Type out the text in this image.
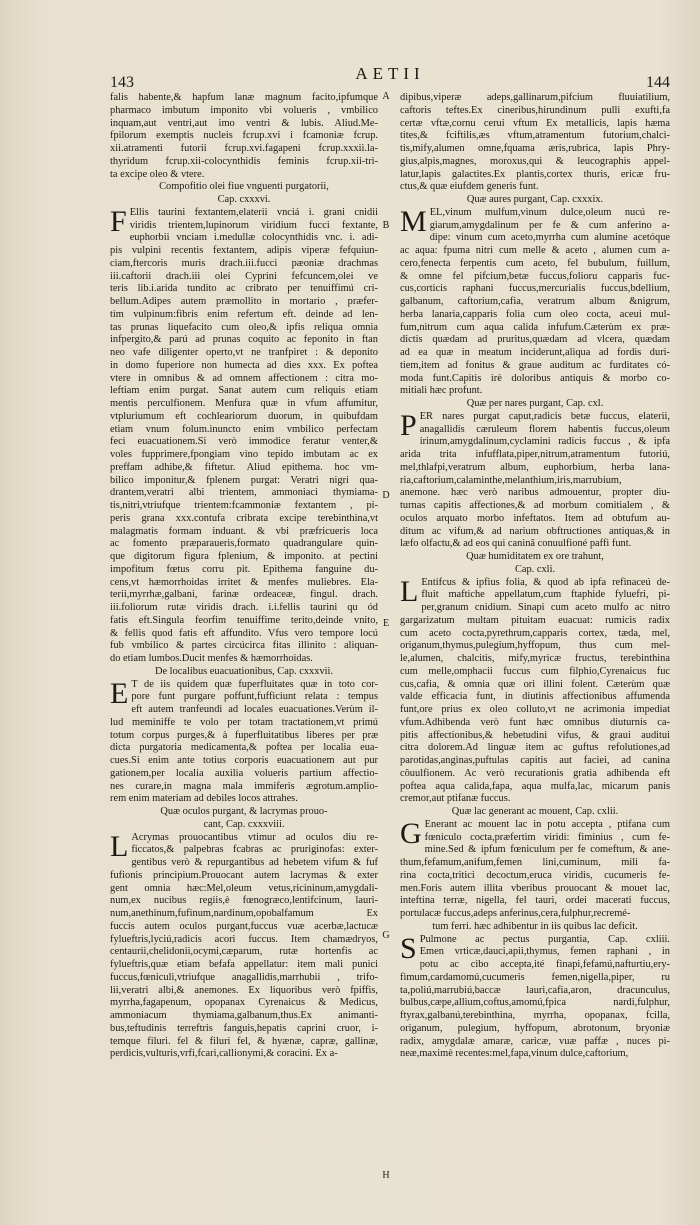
143	AETII	144
A
B
D
E
G
H
falis habente,& hapfum lanæ magnum facito,ipfumque
pharmaco imbutum imponito vbi volueris , vmbilico
inquam,aut ventri,aut imo ventri & lubis. Aliud.Me-
fpilorum exemptis nucleis fcrup.xvi i fcamoniæ fcrup.
xii.atramenti futorii fcrup.xvi.fagapeni fcrup.xxxii.la-
thyridum fcrup.xii-colocynthidis feminis fcrup.xii-tri-
ta excipe oleo & vtere.
Compofitio olei fiue vnguenti purgatorii,
Cap. cxxxvi.
F Ellis taurini fextantem,elaterii vnciá i. grani cnidii
viridis trientem,lupinorum viridium fucci fextante,
euphorbii vnciam i.medullæ colocynthidis vnc. i. adi-
pis vulpini recentis fextantem, adipis viperæ fefquiun-
ciam,ftercoris muris drach.iii.fucci pæoniæ drachmas
iii.caftorii drach.iii olei Cyprini fefcuncem,olei ve
teris lib.i.arida tundito ac cribrato per tenuiffimú cri-
bellum.Adipes autem præmollito in mortario , præfer-
tim vulpinum:fibris enim refertum eft. deinde ad len-
tas prunas liquefacito cum oleo,& ipfis reliqua omnia
infpergito,& parú ad prunas coquito ac feponito in ftan
neo vafe diligenter operto,vt ne tranfpiret : & deponito
in domo fuperiore non humecta ad dies xxx. Ex poftea
vtere in omnibus & ad omnem affectionem : citra mo-
leftiam enim purgat. Sanat autem cum reliquis etiam
mentis perculfionem. Menfura quæ in vfum affumitur,
vtpluriumum eft cochleariorum duorum, in quibufdam
etiam vnum folum.inuncto enim vmbilico perfectam
feci euacuationem.Si verò immodice feratur venter,&
voles fupprimere,fpongiam vino tepido imbutam ac ex
preffam adhibe,& fiftetur. Aliud epithema. hoc vm-
bilico imponitur,& fplenem purgat: Veratri nigri qua-
drantem,veratri albi trientem, ammoniaci thymiama-
tis,nitri,vtriufque trientem:fcammoniæ fextantem , pi-
peris grana xxx.contufa cribrata excipe terebinthina,vt
malagmatis formam induant. & vbi præfricueris loca
ac fomento præparaueris,formato quadrangulare quin-
que digitorum figura fplenium, & imponito. at pectini
impofitum fœtus corru pit. Epithema fanguine du-
cens,vt hæmorrhoidas irritet & menfes muliebres. Ela-
terii,myrrhæ,galbani, farinæ ordeaceæ, fingul. drach.
iii.foliorum rutæ viridis drach. i.i.fellis taurini qu ód
fatis eft.Singula feorfim tenuiffime terito,deinde vnito,
& fellis quod fatis eft affundito. Vfus vero tempore locú
fub vmbilico & partes circúcirca fitas illinito : aliquan-
do etiam lumbos.Ducit menfes & hæmorrhoidas.
De localibus euacuationibus, Cap. cxxxvii.
E T de iis quidem quæ fuperfluitates quæ in toto cor-
pore funt purgare poffunt,fufficiunt relata : tempus
eft autem tranfeundi ad locales euacuationes.Verùm il-
lud meminiffe te volo per totam tractationem,vt primú
totum corpus purges,& à fuperfluitatibus liberes per præ
dicta purgatoria medicamenta,& poftea per localia eua-
cues.Si enim ante totius corporis euacuationem aut pur
gationem,per localia auxilia volueris partium affectio-
nes curare,in magna mala immiferis ægrotum.amplio-
rem enim materiam ad debiles locos attrahes.
Quæ oculos purgant, & lacrymas prouo-
cant, Cap. cxxxviii.
L Acrymas prouocantibus vtimur ad oculos diu re-
ficcatos,& palpebras fcabras ac pruriginofas: exter-
gentibus verò & repurgantibus ad hebetem vifum & fuf
fufionis principium.Prouocant autem lacrymas & exter
gent omnia hæc:Mel,oleum vetus,ricininum,amygdali-
num,ex nucibus regiis,è fœnogræco,lentifcinum, lauri-
num,anethinum,fufinum,nardinum,opobalfamum Ex
fuccis autem oculos purgant,fuccus vuæ acerbæ,lactucæ
fylueftris,lyciú,radicis acori fuccus. Item chamædryos,
centaurii,chelidonii,ocymi,cæparum, rutæ hortenfis ac
fylueftris,quæ etiam befafa appellatur: item mali punici
fuccus,fœniculi,vtriufque anagallidis,marrhubii , trifo-
lii,veratri albi,& anemones. Ex liquoribus verò fpiffis,
myrrha,fagapenum, opopanax Cyrenaicus & Medicus,
ammoniacum thymiama,galbanum,thus.Ex animanti-
bus,teftudinis terreftris fanguis,hepatis caprini cruor, i-
temque filuri. fel & filuri fel, & hyænæ, capræ, gallinæ,
perdicis,vulturis,vrfi,fcari,callionymi,& coracini. Ex a-
dipibus,viperæ adeps,gallinarum,pifcium fluuiatilium,
caftoris teftes.Ex cineribus,hirundinum pulli exufti,fa
certæ vftæ,cornu cerui vftum Ex metallicis, lapis hæma
tites,& fciftilis,æs vftum,atramentum futorium,chalci-
tis,mify,alumen omne,fquama æris,rubrica, lapis Phry-
gius,alpis,magnes, moroxus,qui & leucographis appel-
latur,lapis galactites.Ex plantis,cortex thuris, ericæ fru-
ctus,& quæ eiufdem generis funt.
Quæ aures purgant, Cap. cxxxix.
M EL,vinum mulfum,vinum dulce,oleum nucú re-
giarum,amygdalinum per fe & cum anferino a-
dipe: vinum cum aceto,myrrha cum alumine acetóque
ac aqua: fpuma nitri cum melle & aceto , alumen cum a-
cero,fenecta ferpentis cum aceto, fel bubulum, fuillum,
& omne fel pifcium,betæ fuccus,folioru capparis fuc-
cus,corticis raphani fuccus,mercurialis fuccus,bdellium,
galbanum, caftorium,cafia, veratrum album &nigrum,
herba lanaria,capparis folia cum oleo cocta, aceui mul-
fum,nitrum cum aqua calida infufum.Cæterùm ex præ-
dictis quædam ad pruritus,quædam ad vlcera, quædam
ad ea quæ in meatum inciderunt,aliqua ad fordis duri-
tiem,item ad fonitus & graue auditum ac furditates có-
moda funt.Capitis irè doloribus antiquis & morbo co-
mitiali hæc profunt.
Quæ per nares purgant, Cap. cxl.
P ER nares purgat caput,radicis betæ fuccus, elaterii,
anagallidis cæruleum florem habentis fuccus,oleum
irinum,amygdalinum,cyclamini radicis fuccus , & ipfa
arida trita infufflata,piper,nitrum,atramentum futoriú,
mel,thlafpi,veratrum album, euphorbium, herba lana-
ria,caftorium,calaminthe,melanthium,iris,marrubium,
anemone. hæc verò naribus admouentur, propter diu-
turnas capitis affectiones,& ad morbum comitialem , &
oculos arquato morbo infeftatos. Item ad obtufum au-
ditum ac vifum,& ad narium obftructiones antiquas,& in
læfo olfactu,& ad eos qui caninâ conuulfioné paffi funt.
Quæ humiditatem ex ore trahunt,
Cap. cxli.
L Entifcus & ipfius folia, & quod ab ipfa refinaceú de-
fluit maftiche appellatum,cum ftaphide fyluefri, pi-
per,granum cnidium. Sinapi cum aceto mulfo ac nitro
gargarizatum multam pituitam euacuat: rumicis radix
cum aceto cocta,pyrethrum,capparis cortex, tæda, mel,
origanum,thymus,pulegium,hyffopum, thus cum mel-
le,alumen, chalcitis, mify,myricæ fructus, terebinthina
cum melle,omphacii fuccus cum filphio,Cyrenaicus fuc
cus,cafia, & omnia quæ ori illini folent. Cæterùm quæ
valde efficacia funt, in diutinis affectionibus affumenda
funt,ore prius ex oleo colluto,vt ne acrimonia impediat
vfum.Adhibenda verò funt hæc omnibus diuturnis ca-
pitis affectionibus,& hebetudini vifus, & graui auditui
citra dolorem.Ad linguæ item ac guftus refolutiones,ad
parotidas,anginas,puftulas capitis aut faciei, ad canina
côuulfionem. Ac verò recurationis gratia adhibenda eft
poftea aqua calida,fapa, aqua mulfa,lac, micarum panis
cremor,aut ptifanæ fuccus.
Quæ lac generant ac mouent, Cap. cxlii.
G Enerant ac mouent lac in potu accepta , ptifana cum
fœniculo cocta,præfertim viridi: fiminius , cum fe-
mine.Sed & ipfum fœniculum per fe comeftum, & ane-
thum,fefamum,anifum,femen lini,cuminum, mili fa-
rina cocta,tritici decoctum,eruca viridis, cucumeris fe-
men.Foris autem illita vberibus prouocant & mouet lac,
inteftina terræ, nigella, fel tauri, ordei macerati fuccus,
portulacæ fuccus,adeps anferinus,cera,fulphur,recremé-
tum ferri. hæc adhibentur in iis quibus lac deficit.
S Pulmone ac pectus purgantia, Cap. cxliii.
Emen vrticæ,dauci,apii,thymus, femen raphani , in
potu ac cibo accepta,ité finapi,fefamú,nafturtiu,ery-
fimum,cardamomú,cucumeris femen,nigella,piper, ru
ta,poliú,marrubiú,baccæ lauri,cafia,aron, dracunculus,
bulbus,cæpe,allium,coftus,amomú,fpica nardi,fulphur,
ftyrax,galbanú,terebinthina, myrrha, opopanax, fcilla,
origanum, pulegium, hyffopum, abrotonum, bryoniæ
radix, amygdalæ amaræ, caricæ, vuæ paffæ , nuces pi-
neæ,maximè recentes:mel,fapa,vinum dulce,caftorium,
